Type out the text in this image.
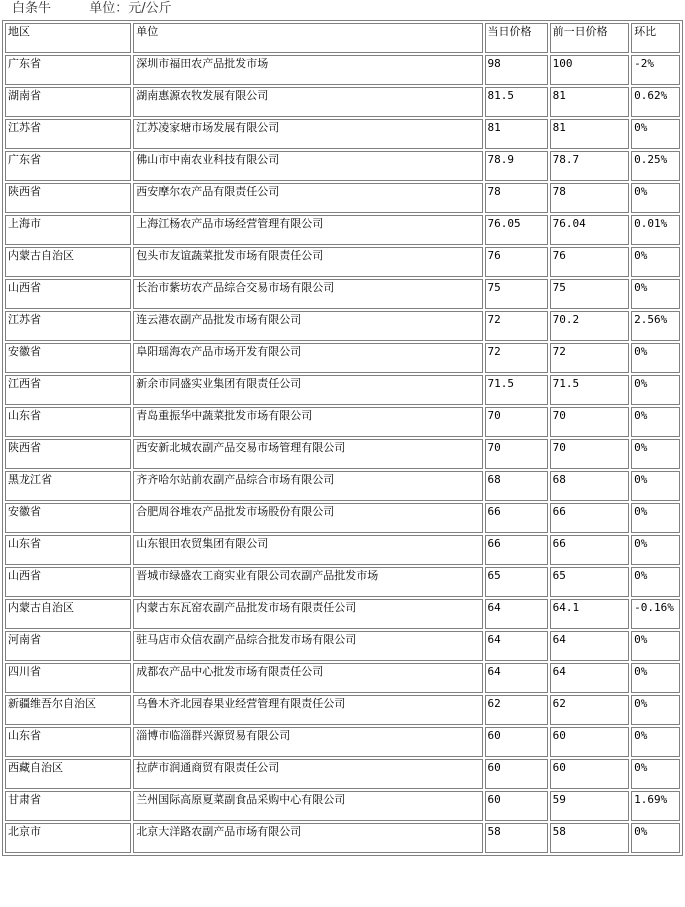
白条牛	单位：元/公斤
地区	单位	当日价格	前一日价格	环比
广东省	深圳市福田农产品批发市场	98	100	-2%
湖南省	湖南惠源农牧发展有限公司	81.5	81	0.62%
江苏省	江苏凌家塘市场发展有限公司	81	81	0%
广东省	佛山市中南农业科技有限公司	78.9	78.7	0.25%
陕西省	西安摩尔农产品有限责任公司	78	78	0%
上海市	上海江杨农产品市场经营管理有限公司	76.05	76.04	0.01%
内蒙古自治区	包头市友谊蔬菜批发市场有限责任公司	76	76	0%
山西省	长治市紫坊农产品综合交易市场有限公司	75	75	0%
江苏省	连云港农副产品批发市场有限公司	72	70.2	2.56%
安徽省	阜阳瑶海农产品市场开发有限公司	72	72	0%
江西省	新余市同盛实业集团有限责任公司	71.5	71.5	0%
山东省	青岛重振华中蔬菜批发市场有限公司	70	70	0%
陕西省	西安新北城农副产品交易市场管理有限公司	70	70	0%
黑龙江省	齐齐哈尔站前农副产品综合市场有限公司	68	68	0%
安徽省	合肥周谷堆农产品批发市场股份有限公司	66	66	0%
山东省	山东银田农贸集团有限公司	66	66	0%
山西省	晋城市绿盛农工商实业有限公司农副产品批发市场	65	65	0%
内蒙古自治区	内蒙古东瓦窑农副产品批发市场有限责任公司	64	64.1	-0.16%
河南省	驻马店市众信农副产品综合批发市场有限公司	64	64	0%
四川省	成都农产品中心批发市场有限责任公司	64	64	0%
新疆维吾尔自治区	乌鲁木齐北园春果业经营管理有限责任公司	62	62	0%
山东省	淄博市临淄群兴源贸易有限公司	60	60	0%
西藏自治区	拉萨市润通商贸有限责任公司	60	60	0%
甘肃省	兰州国际高原夏菜副食品采购中心有限公司	60	59	1.69%
北京市	北京大洋路农副产品市场有限公司	58	58	0%
